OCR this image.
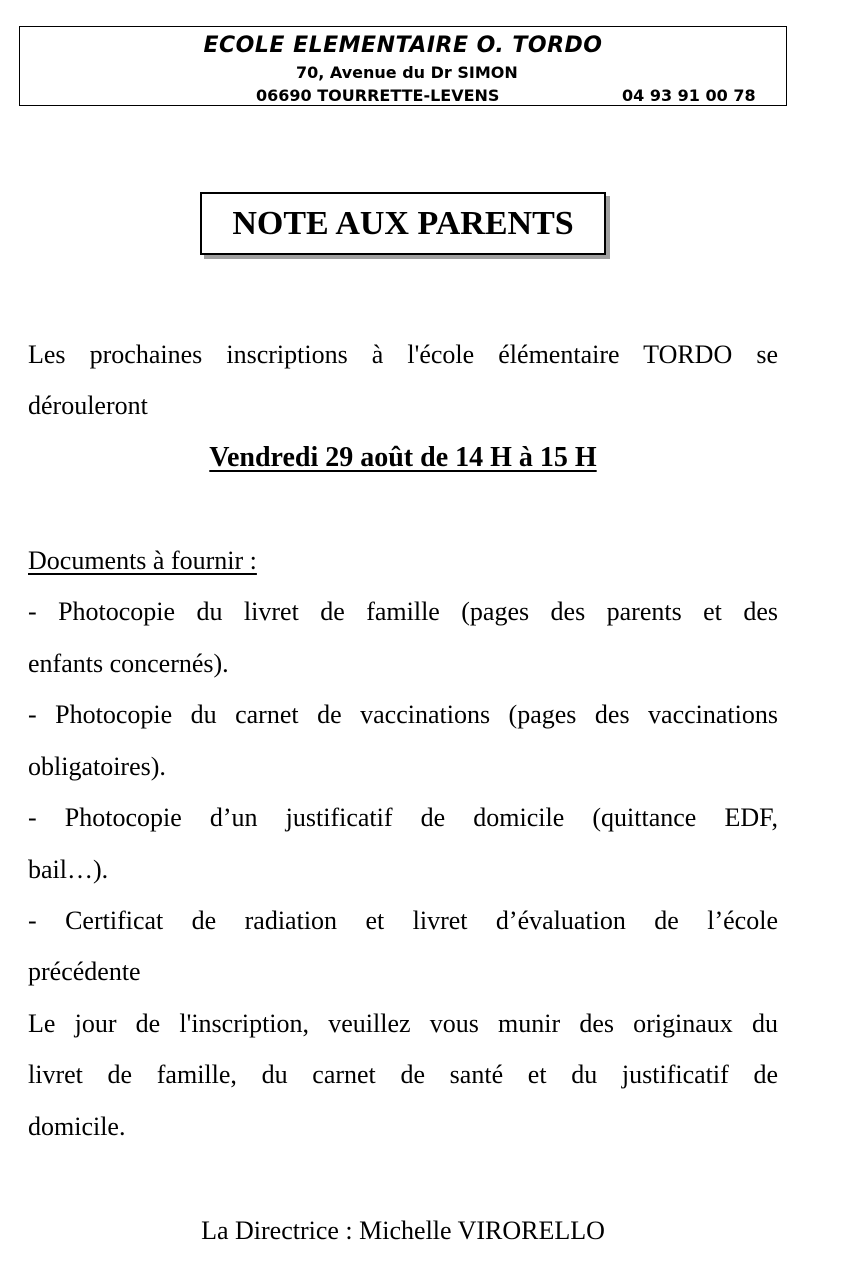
ECOLE ELEMENTAIRE O. TORDO
70, Avenue du Dr SIMON
06690 TOURRETTE-LEVENS	04 93 91 00 78
NOTE AUX PARENTS
Les prochaines inscriptions à l'école élémentaire TORDO se
dérouleront
Vendredi 29 août de 14 H à 15 H
Documents à fournir :
- Photocopie du livret de famille (pages des parents et des
enfants concernés).
- Photocopie du carnet de vaccinations (pages des vaccinations
obligatoires).
- Photocopie d’un justificatif de domicile (quittance EDF,
bail…).
- Certificat de radiation et livret d’évaluation de l’école
précédente
Le jour de l'inscription, veuillez vous munir des originaux du
livret de famille, du carnet de santé et du justificatif de
domicile.
La Directrice : Michelle VIRORELLO
